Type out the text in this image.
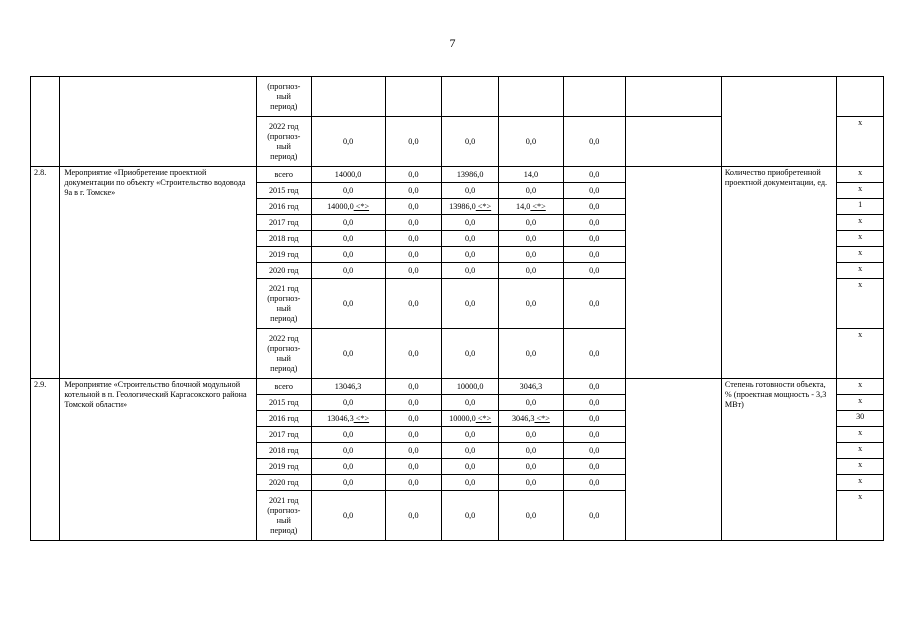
7

		(прогноз-
ный
период)								

		2022 год
(прогноз-
ный
период)	0,0	0,0	0,0	0,0	0,0			х
2.8.	Мероприятие «Приобретение проектной документации по объекту «Строительство водовода 9а в г. Томске»	всего	14000,0	0,0	13986,0	14,0	0,0		Количество приобретенной проектной документации, ед.	х

		2015 год	0,0	0,0	0,0	0,0	0,0			х

		2016 год	14000,0 <*>	0,0	13986,0 <*>	14,0 <*>	0,0			1

		2017 год	0,0	0,0	0,0	0,0	0,0			х

		2018 год	0,0	0,0	0,0	0,0	0,0			х

		2019 год	0,0	0,0	0,0	0,0	0,0			х

		2020 год	0,0	0,0	0,0	0,0	0,0			х

		2021 год
(прогноз-
ный
период)	0,0	0,0	0,0	0,0	0,0			х

		2022 год
(прогноз-
ный
период)	0,0	0,0	0,0	0,0	0,0			х
2.9.	Мероприятие «Строительство блочной модульной котельной в п. Геологический Каргасокского района Томской области»	всего	13046,3	0,0	10000,0	3046,3	0,0		Степень готовности объекта, % (проектная мощность - 3,3 МВт)	х

		2015 год	0,0	0,0	0,0	0,0	0,0			х

		2016 год	13046,3 <*>	0,0	10000,0 <*>	3046,3 <*>	0,0			30

		2017 год	0,0	0,0	0,0	0,0	0,0			х

		2018 год	0,0	0,0	0,0	0,0	0,0			х

		2019 год	0,0	0,0	0,0	0,0	0,0			х

		2020 год	0,0	0,0	0,0	0,0	0,0			х

		2021 год
(прогноз-
ный
период)	0,0	0,0	0,0	0,0	0,0			х
